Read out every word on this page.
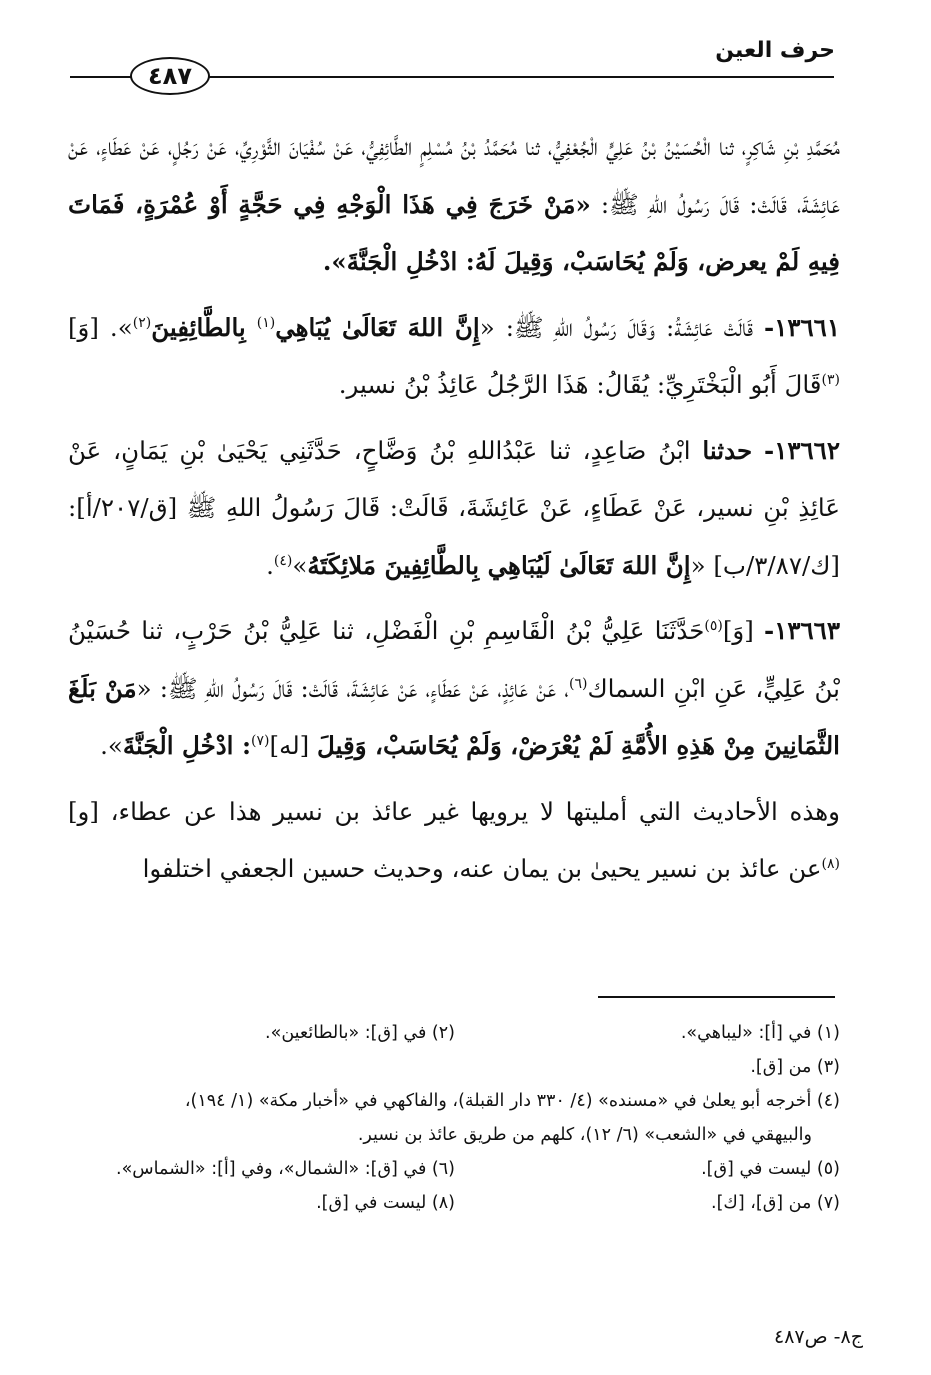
حرف العين
٤٨٧

مُحَمَّدِ بْنِ شَاكِرٍ، ثنا الْحُسَيْنُ بْنُ عَلِيٍّ الْجُعْفِيُّ، ثنا مُحَمَّدُ بْنُ مُسْلِمٍ الطَّائِفِيُّ، عَنْ سُفْيَانَ الثَّوْرِيِّ، عَنْ رَجُلٍ، عَنْ عَطَاءٍ، عَنْ عَائِشَةَ، قَالَتْ: قَالَ رَسُولُ اللهِ ﷺ: «مَنْ خَرَجَ فِي هَذَا الْوَجْهِ فِي حَجَّةٍ أَوْ عُمْرَةٍ، فَمَاتَ فِيهِ لَمْ يعرض، وَلَمْ يُحَاسَبْ، وَقِيلَ لَهُ: ادْخُلِ الْجَنَّةَ».

١٣٦٦١- قَالَتْ عَائِشَةُ: وَقَالَ رَسُولُ اللهِ ﷺ: «إِنَّ اللهَ تَعَالَىٰ يُبَاهِي$^{(١)}$ بِالطَّائِفِينَ$^{(٢)}$». [وَ]$^{(٣)}$قَالَ أَبُو الْبَخْتَرِيِّ: يُقَالُ: هَذَا الرَّجُلُ عَائِذُ بْنُ نسير.

١٣٦٦٢- حدثنا ابْنُ صَاعِدٍ، ثنا عَبْدُاللهِ بْنُ وَضَّاحٍ، حَدَّثَنِي يَحْيَىٰ بْنِ يَمَانٍ، عَنْ عَائِذِ بْنِ نسير، عَنْ عَطَاءٍ، عَنْ عَائِشَةَ، قَالَتْ: قَالَ رَسُولُ اللهِ ﷺ [ق/٢٠٧/أ]: [ك/٣/٨٧/ب] «إِنَّ اللهَ تَعَالَىٰ لَيُبَاهِي بِالطَّائِفِينَ مَلائِكَتَهُ»$^{(٤)}$.

١٣٦٦٣- [وَ]$^{(٥)}$حَدَّثَنَا عَلِيُّ بْنُ الْقَاسِمِ بْنِ الْفَضْلِ، ثنا عَلِيُّ بْنُ حَرْبٍ، ثنا حُسَيْنُ بْنُ عَلِيٍّ، عَنِ ابْنِ السماك$^{(٦)}$، عَنْ عَائِذٍ، عَنْ عَطَاءٍ، عَنْ عَائِشَةَ، قَالَتْ: قَالَ رَسُولُ اللهِ ﷺ: «مَنْ بَلَغَ الثَّمَانِينَ مِنْ هَذِهِ الأُمَّةِ لَمْ يُعْرَضْ، وَلَمْ يُحَاسَبْ، وَقِيلَ [له]$^{(٧)}$: ادْخُلِ الْجَنَّةَ».

وهذه الأحاديث التي أمليتها لا يرويها غير عائذ بن نسير هذا عن عطاء، [و]$^{(٨)}$عن عائذ بن نسير يحيىٰ بن يمان عنه، وحديث حسين الجعفي اختلفوا

(١) في [أ]: «ليباهي».
(٢) في [ق]: «بالطائعين».
(٣) من [ق].
(٤) أخرجه أبو يعلىٰ في «مسنده» (٤/ ٣٣٠ دار القبلة)، والفاكهي في «أخبار مكة» (١/ ١٩٤)،
والبيهقي في «الشعب» (٦/ ١٢)، كلهم من طريق عائذ بن نسير.
(٥) ليست في [ق].
(٦) في [ق]: «الشمال»، وفي [أ]: «الشماس».
(٧) من [ق]، [ك].
(٨) ليست في [ق].
ج٨- ص٤٨٧
